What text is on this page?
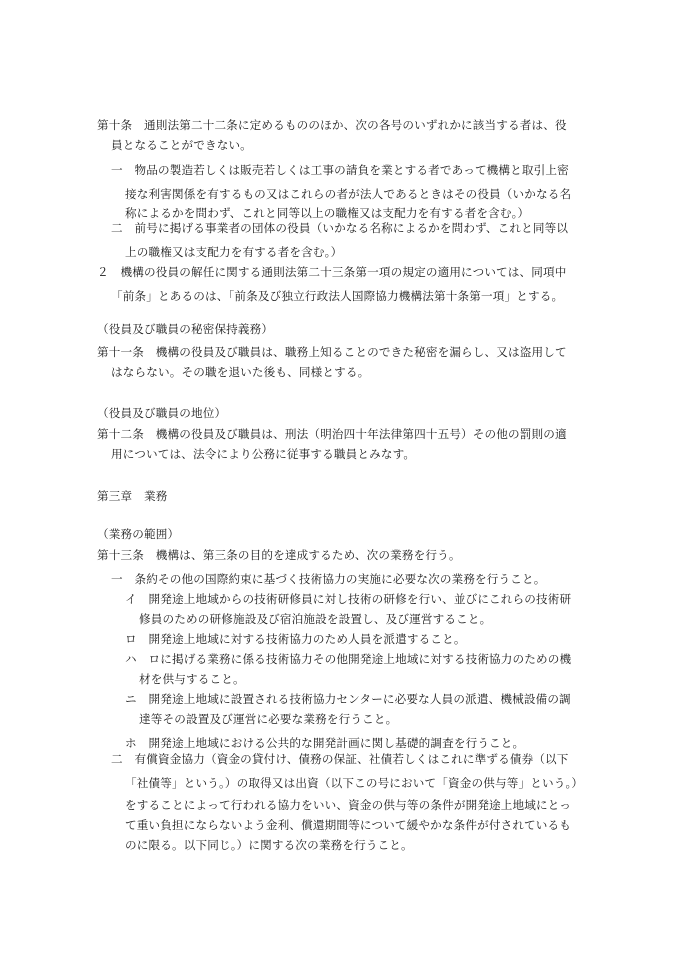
第十条　通則法第二十二条に定めるもののほか、次の各号のいずれかに該当する者は、役
員となることができない。
一　物品の製造若しくは販売若しくは工事の請負を業とする者であって機構と取引上密
接な利害関係を有するもの又はこれらの者が法人であるときはその役員（いかなる名
称によるかを問わず、これと同等以上の職権又は支配力を有する者を含む。）
二　前号に掲げる事業者の団体の役員（いかなる名称によるかを問わず、これと同等以
上の職権又は支配力を有する者を含む。）
２　機構の役員の解任に関する通則法第二十三条第一項の規定の適用については、同項中
「前条」とあるのは、「前条及び独立行政法人国際協力機構法第十条第一項」とする。
（役員及び職員の秘密保持義務）
第十一条　機構の役員及び職員は、職務上知ることのできた秘密を漏らし、又は盗用して
はならない。その職を退いた後も、同様とする。
（役員及び職員の地位）
第十二条　機構の役員及び職員は、刑法（明治四十年法律第四十五号）その他の罰則の適
用については、法令により公務に従事する職員とみなす。
第三章　業務
（業務の範囲）
第十三条　機構は、第三条の目的を達成するため、次の業務を行う。
一　条約その他の国際約束に基づく技術協力の実施に必要な次の業務を行うこと。
イ　開発途上地域からの技術研修員に対し技術の研修を行い、並びにこれらの技術研
修員のための研修施設及び宿泊施設を設置し、及び運営すること。
ロ　開発途上地域に対する技術協力のため人員を派遣すること。
ハ　ロに掲げる業務に係る技術協力その他開発途上地域に対する技術協力のための機
材を供与すること。
ニ　開発途上地域に設置される技術協力センターに必要な人員の派遣、機械設備の調
達等その設置及び運営に必要な業務を行うこと。
ホ　開発途上地域における公共的な開発計画に関し基礎的調査を行うこと。
二　有償資金協力（資金の貸付け、債務の保証、社債若しくはこれに準ずる債券（以下
「社債等」という。）の取得又は出資（以下この号において「資金の供与等」という。）
をすることによって行われる協力をいい、資金の供与等の条件が開発途上地域にとっ
て重い負担にならないよう金利、償還期間等について緩やかな条件が付されているも
のに限る。以下同じ。）に関する次の業務を行うこと。
